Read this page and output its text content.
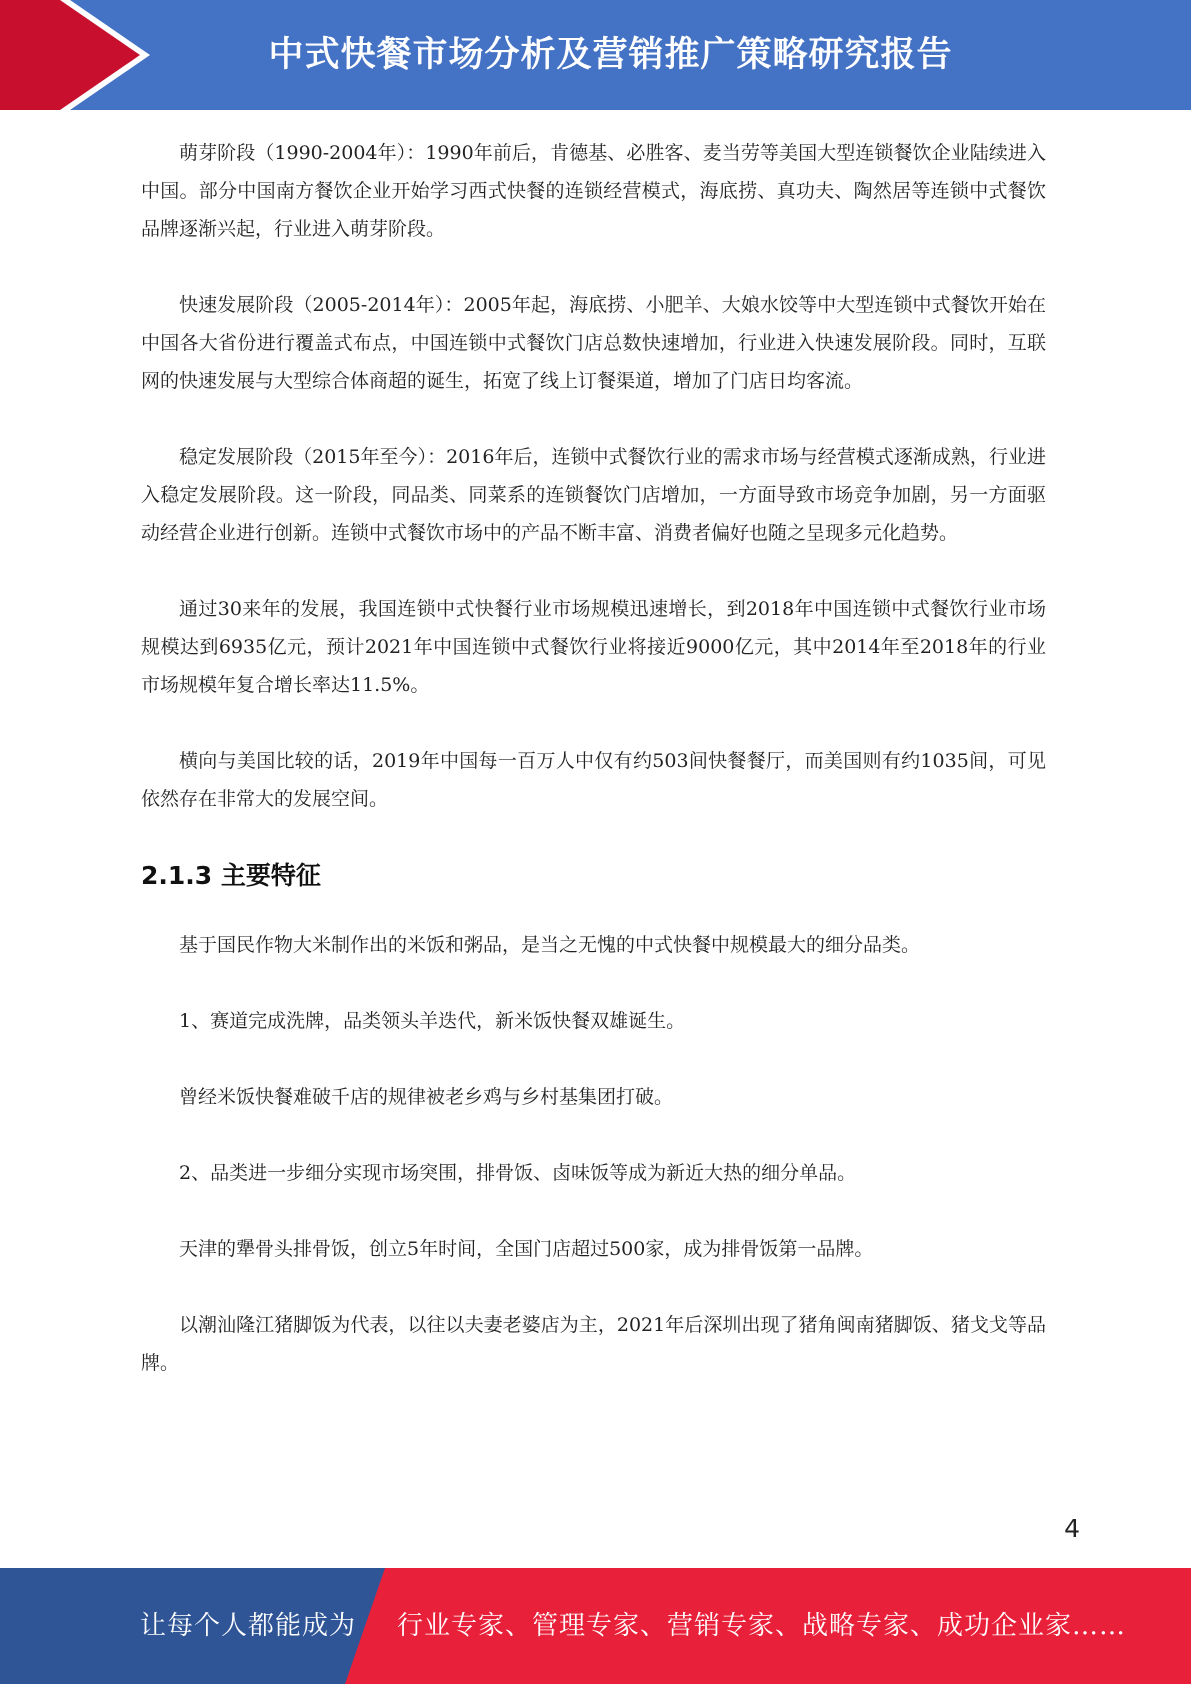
中式快餐市场分析及营销推广策略研究报告

萌芽阶段（1990-2004年）：1990年前后，肯德基、必胜客、麦当劳等美国大型连锁餐饮企业陆续进入中国。部分中国南方餐饮企业开始学习西式快餐的连锁经营模式，海底捞、真功夫、陶然居等连锁中式餐饮品牌逐渐兴起，行业进入萌芽阶段。

快速发展阶段（2005-2014年）：2005年起，海底捞、小肥羊、大娘水饺等中大型连锁中式餐饮开始在中国各大省份进行覆盖式布点，中国连锁中式餐饮门店总数快速增加，行业进入快速发展阶段。同时，互联网的快速发展与大型综合体商超的诞生，拓宽了线上订餐渠道，增加了门店日均客流。

稳定发展阶段（2015年至今）：2016年后，连锁中式餐饮行业的需求市场与经营模式逐渐成熟，行业进入稳定发展阶段。这一阶段，同品类、同菜系的连锁餐饮门店增加，一方面导致市场竞争加剧，另一方面驱动经营企业进行创新。连锁中式餐饮市场中的产品不断丰富、消费者偏好也随之呈现多元化趋势。

通过30来年的发展，我国连锁中式快餐行业市场规模迅速增长，到2018年中国连锁中式餐饮行业市场规模达到6935亿元，预计2021年中国连锁中式餐饮行业将接近9000亿元，其中2014年至2018年的行业市场规模年复合增长率达11.5%。

横向与美国比较的话，2019年中国每一百万人中仅有约503间快餐餐厅，而美国则有约1035间，可见依然存在非常大的发展空间。

2.1.3 主要特征

基于国民作物大米制作出的米饭和粥品，是当之无愧的中式快餐中规模最大的细分品类。

1、赛道完成洗牌，品类领头羊迭代，新米饭快餐双雄诞生。

曾经米饭快餐难破千店的规律被老乡鸡与乡村基集团打破。

2、品类进一步细分实现市场突围，排骨饭、卤味饭等成为新近大热的细分单品。

天津的犟骨头排骨饭，创立5年时间，全国门店超过500家，成为排骨饭第一品牌。

以潮汕隆江猪脚饭为代表，以往以夫妻老婆店为主，2021年后深圳出现了猪角闽南猪脚饭、猪戈戈等品牌。

4
让每个人都能成为 行业专家、管理专家、营销专家、战略专家、成功企业家……
